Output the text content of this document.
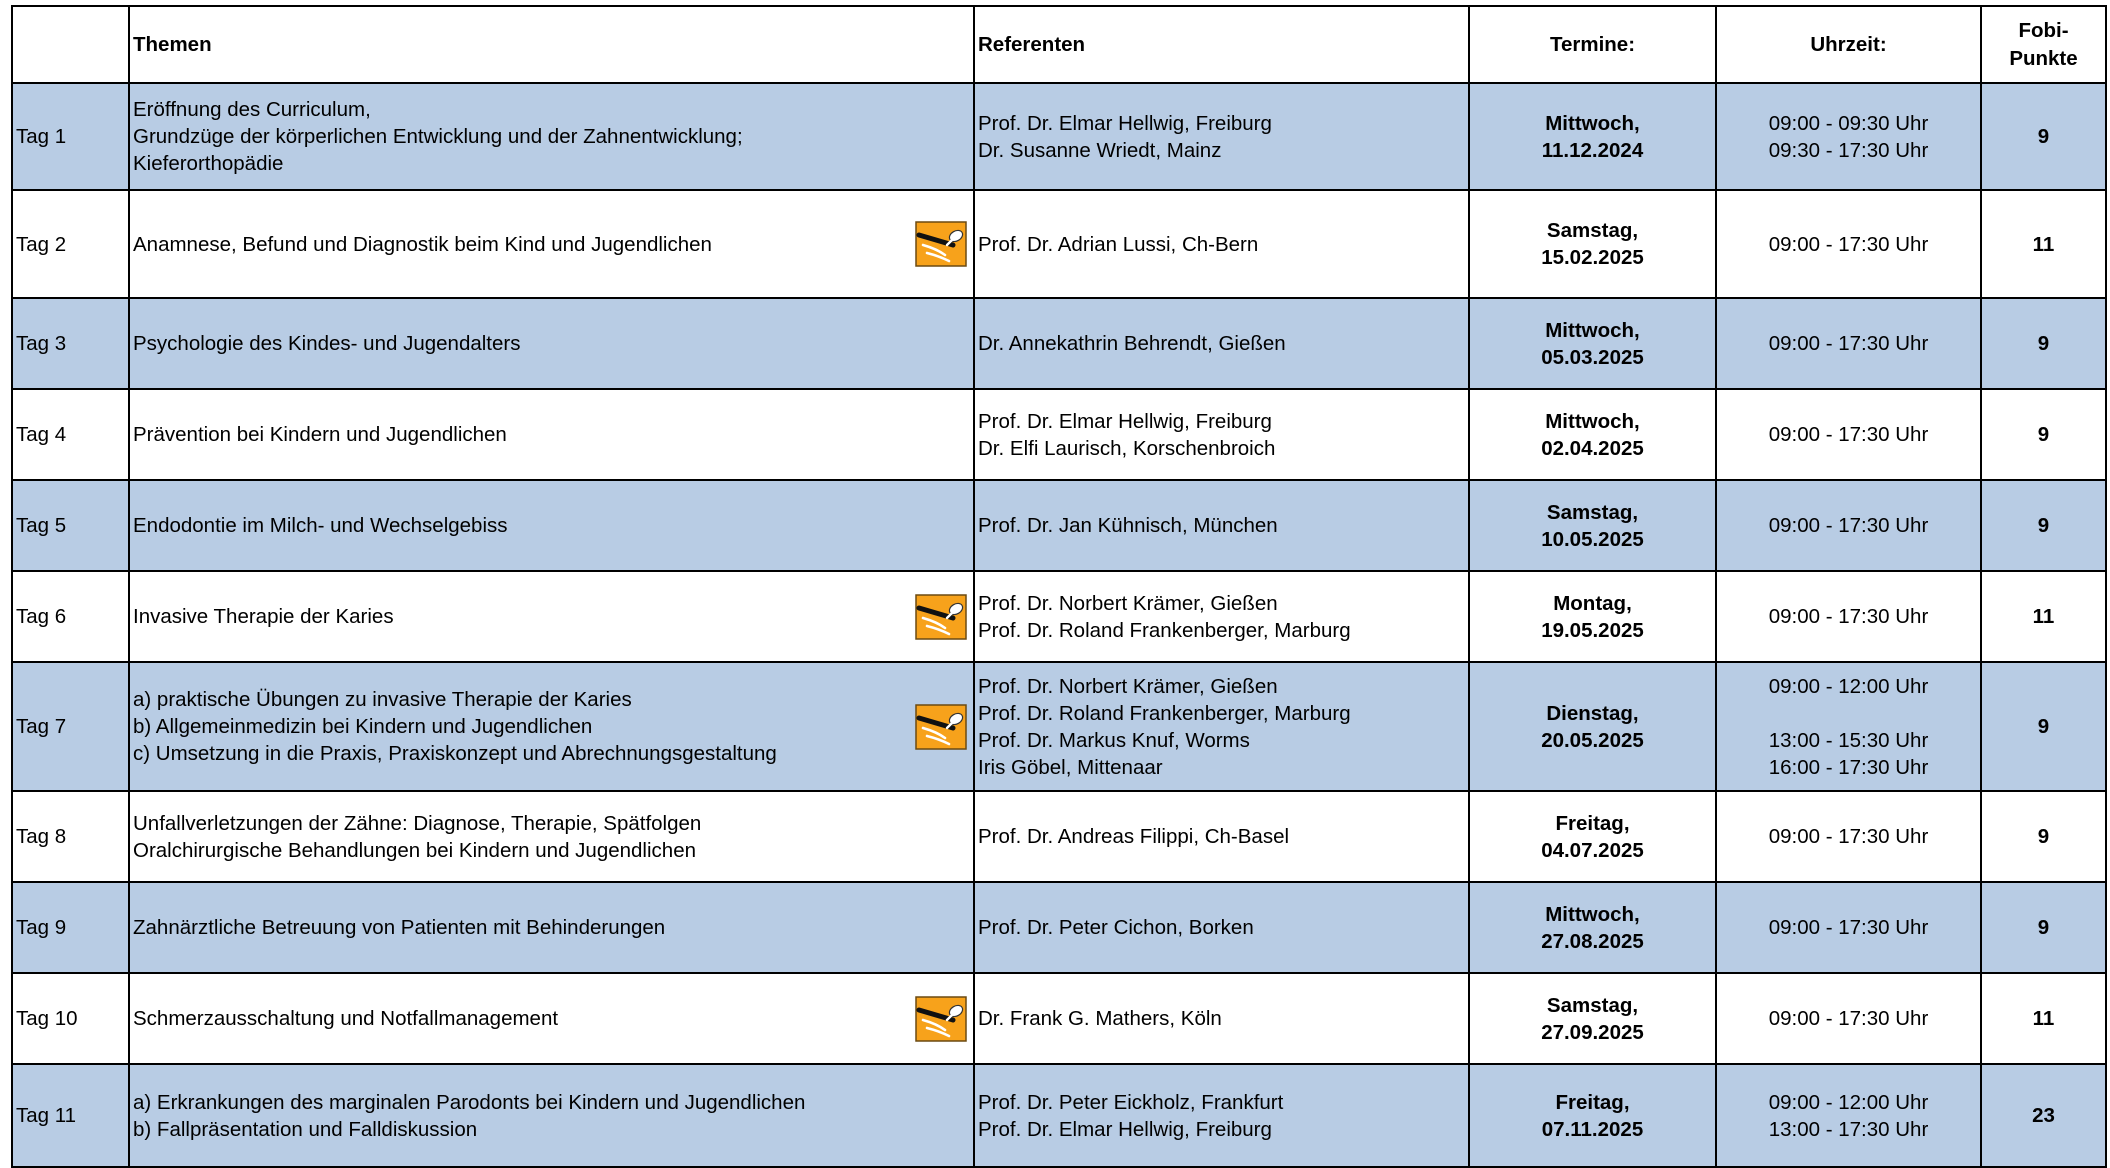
	Themen	Referenten	Termine:	Uhrzeit:	Fobi-
Punkte
Tag 1	Eröffnung des Curriculum,
Grundzüge der körperlichen Entwicklung und der Zahnentwicklung;
Kieferorthopädie	Prof. Dr. Elmar Hellwig, Freiburg
Dr. Susanne Wriedt, Mainz	Mittwoch,
11.12.2024	09:00 - 09:30 Uhr
09:30 - 17:30 Uhr	9
Tag 2	Anamnese, Befund und Diagnostik beim Kind und Jugendlichen	Prof. Dr. Adrian Lussi, Ch-Bern	Samstag,
15.02.2025	09:00 - 17:30 Uhr	11
Tag 3	Psychologie des Kindes- und Jugendalters	Dr. Annekathrin Behrendt, Gießen	Mittwoch,
05.03.2025	09:00 - 17:30 Uhr	9
Tag 4	Prävention bei Kindern und Jugendlichen	Prof. Dr. Elmar Hellwig, Freiburg
Dr. Elfi Laurisch, Korschenbroich	Mittwoch,
02.04.2025	09:00 - 17:30 Uhr	9
Tag 5	Endodontie im Milch- und Wechselgebiss	Prof. Dr. Jan Kühnisch, München	Samstag,
10.05.2025	09:00 - 17:30 Uhr	9
Tag 6	Invasive Therapie der Karies	Prof. Dr. Norbert Krämer, Gießen
Prof. Dr. Roland Frankenberger, Marburg	Montag,
19.05.2025	09:00 - 17:30 Uhr	11
Tag 7	a) praktische Übungen zu invasive Therapie der Karies
b) Allgemeinmedizin bei Kindern und Jugendlichen
c) Umsetzung in die Praxis, Praxiskonzept und Abrechnungsgestaltung	Prof. Dr. Norbert Krämer, Gießen
Prof. Dr. Roland Frankenberger, Marburg
Prof. Dr. Markus Knuf, Worms
Iris Göbel, Mittenaar	Dienstag,
20.05.2025	09:00 - 12:00 Uhr

13:00 - 15:30 Uhr
16:00 - 17:30 Uhr	9
Tag 8	Unfallverletzungen der Zähne: Diagnose, Therapie, Spätfolgen
Oralchirurgische Behandlungen bei Kindern und Jugendlichen	Prof. Dr. Andreas Filippi, Ch-Basel	Freitag,
04.07.2025	09:00 - 17:30 Uhr	9
Tag 9	Zahnärztliche Betreuung von Patienten mit Behinderungen	Prof. Dr. Peter Cichon, Borken	Mittwoch,
27.08.2025	09:00 - 17:30 Uhr	9
Tag 10	Schmerzausschaltung und Notfallmanagement	Dr. Frank G. Mathers, Köln	Samstag,
27.09.2025	09:00 - 17:30 Uhr	11
Tag 11	a) Erkrankungen des marginalen Parodonts bei Kindern und Jugendlichen
b) Fallpräsentation und Falldiskussion	Prof. Dr. Peter Eickholz, Frankfurt
Prof. Dr. Elmar Hellwig, Freiburg	Freitag,
07.11.2025	09:00 - 12:00 Uhr
13:00 - 17:30 Uhr	23
